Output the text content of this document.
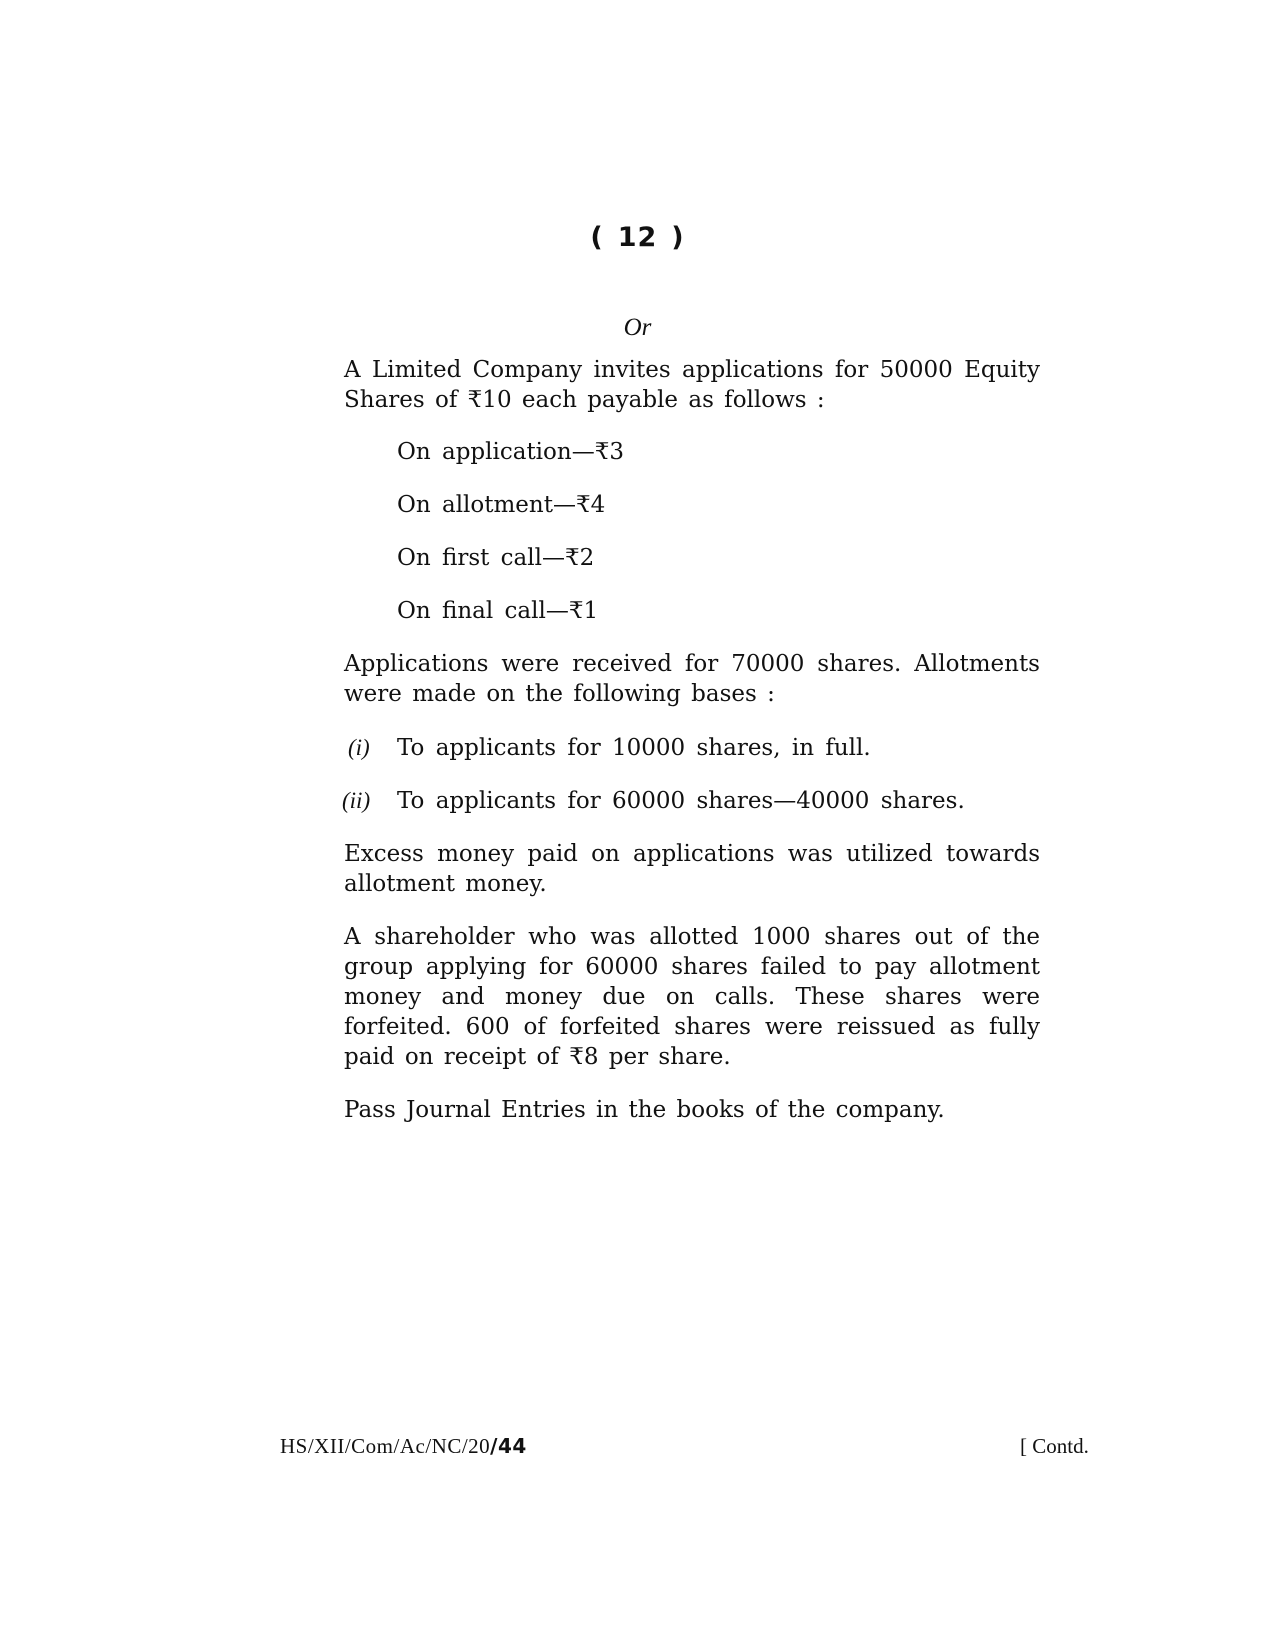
( 12 )
Or
A Limited Company invites applications for 50000 Equity Shares of ₹10 each payable as follows :
On application—₹3
On allotment—₹4
On first call—₹2
On final call—₹1
Applications were received for 70000 shares. Allotments were made on the following bases :
(i) To applicants for 10000 shares, in full.
(ii) To applicants for 60000 shares—40000 shares.
Excess money paid on applications was utilized towards allotment money.
A shareholder who was allotted 1000 shares out of the group applying for 60000 shares failed to pay allotment money and money due on calls. These shares were forfeited. 600 of forfeited shares were reissued as fully paid on receipt of ₹8 per share.
Pass Journal Entries in the books of the company.
HS/XII/Com/Ac/NC/20/44	[ Contd.
